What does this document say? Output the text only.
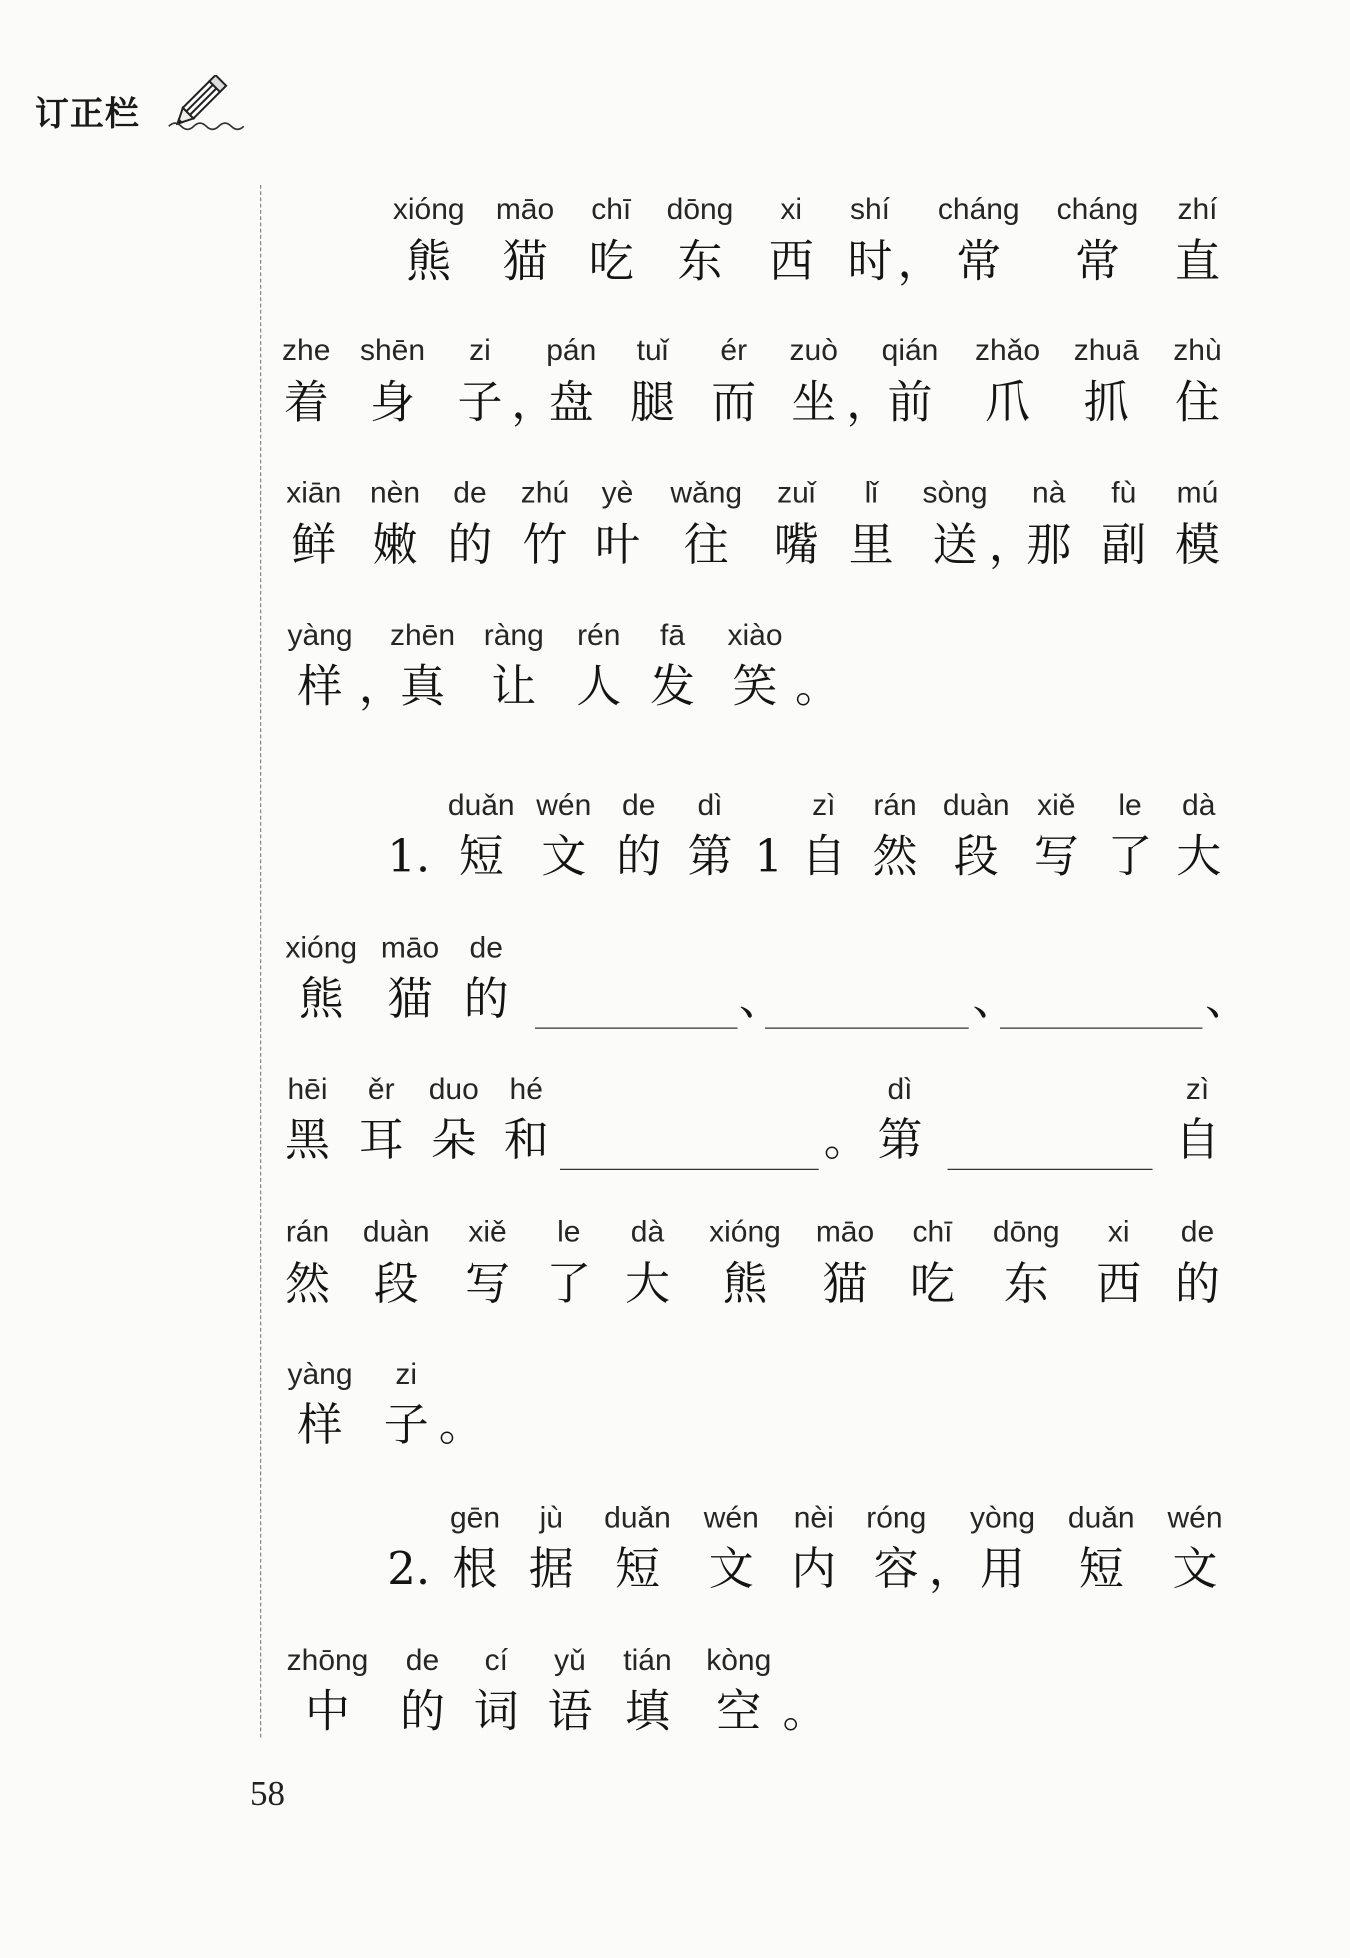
订正栏
58
xióng
熊
māo
猫
chī
吃
dōng
东
xi
西
shí
时 ，
cháng
常
cháng
常
zhí
直
zhe
着
shēn
身
zi
子 ，
pán
盘
tuǐ
腿
ér
而
zuò
坐 ，
qián
前
zhǎo
爪
zhuā
抓
zhù
住
xiān
鲜
nèn
嫩
de
的
zhú
竹
yè
叶
wǎng
往
zuǐ
嘴
lǐ
里
sòng
送 ，
nà
那
fù
副
mú
模
yàng
样 ，
zhēn
真
ràng
让
rén
人
fā
发
xiào
笑 。
1.
duǎn
短
wén
文
de
的
dì
第 1
zì
自
rán
然
duàn
段
xiě
写
le
了
dà
大
xióng
熊
māo
猫
de
的	、	、	、
hēi
黑
ěr
耳
duo
朵
hé
和	。
dì
第
zì
自
rán
然
duàn
段
xiě
写
le
了
dà
大
xióng
熊
māo
猫
chī
吃
dōng
东
xi
西
de
的
yàng
样
zi
子 。
2.
gēn
根
jù
据
duǎn
短
wén
文
nèi
内
róng
容 ，
yòng
用
duǎn
短
wén
文
zhōng
中
de
的
cí
词
yǔ
语
tián
填
kòng
空 。
